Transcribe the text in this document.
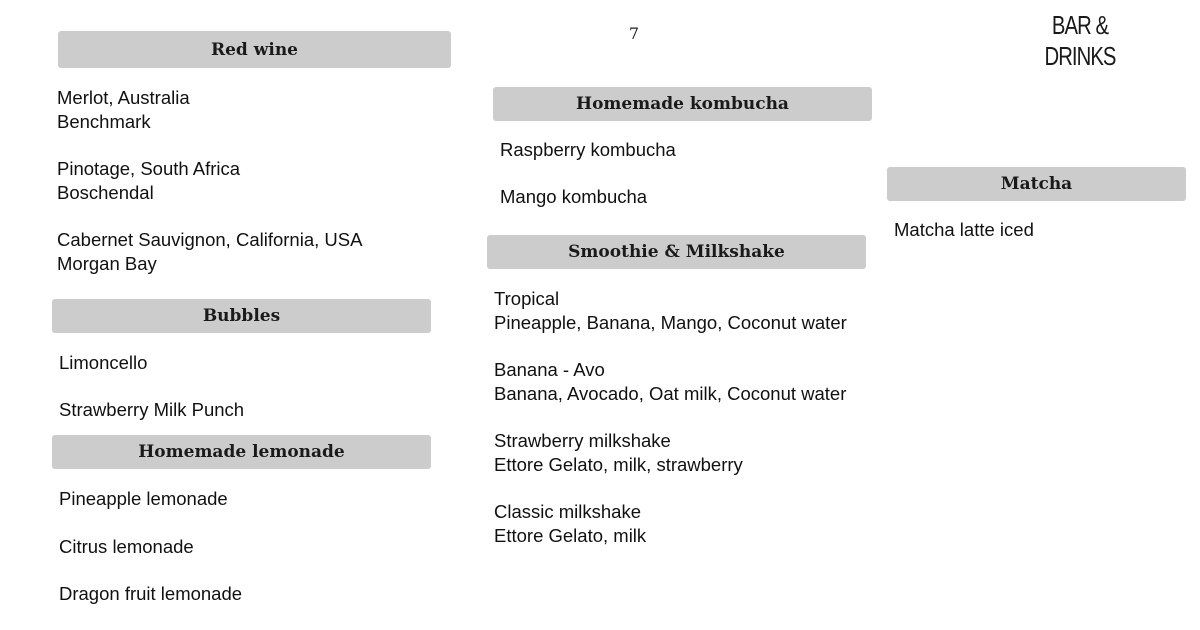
7	BAR & DRINKS
Red wine
Merlot, Australia
Benchmark
Pinotage, South Africa
Boschendal
Cabernet Sauvignon, California, USA
Morgan Bay
Bubbles
Limoncello
Strawberry Milk Punch
Homemade lemonade
Pineapple lemonade
Citrus lemonade
Dragon fruit lemonade
Homemade kombucha
Raspberry kombucha
Mango kombucha
Smoothie & Milkshake
Tropical
Pineapple, Banana, Mango, Coconut water
Banana - Avo
Banana, Avocado, Oat milk, Coconut water
Strawberry milkshake
Ettore Gelato, milk, strawberry
Classic milkshake
Ettore Gelato, milk
Matcha
Matcha latte iced
